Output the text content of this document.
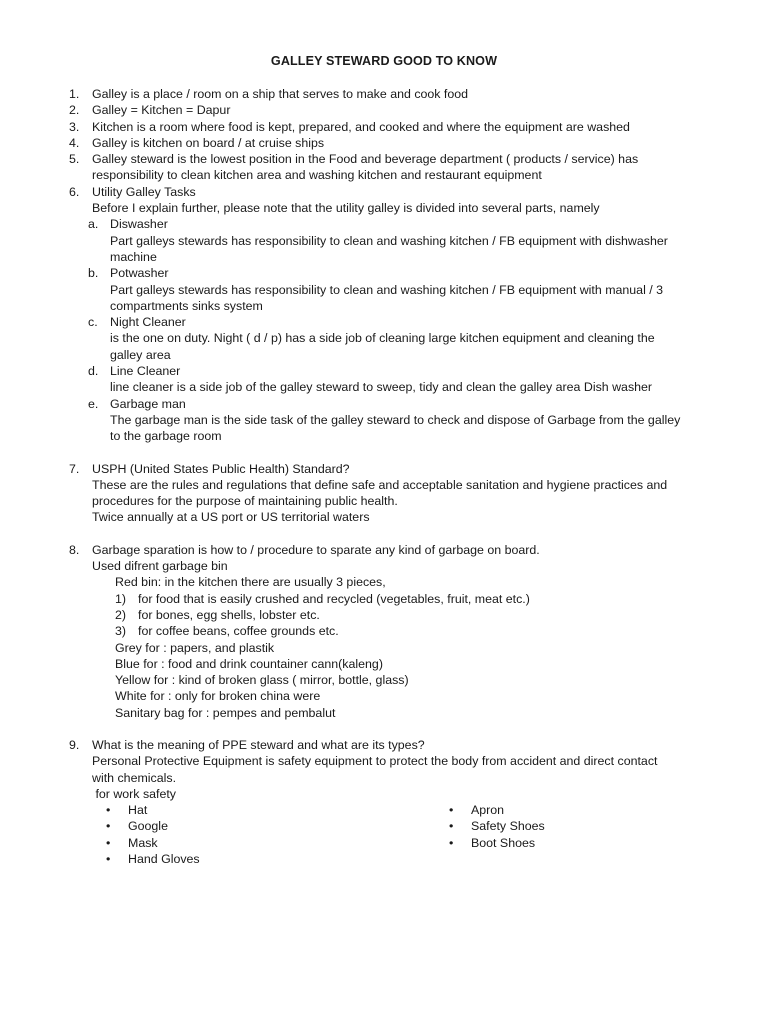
GALLEY STEWARD GOOD TO KNOW
1. Galley is a place / room on a ship that serves to make and cook food
2. Galley = Kitchen = Dapur
3. Kitchen is a room where food is kept, prepared, and cooked and where the equipment are washed
4. Galley is kitchen on board / at cruise ships
5. Galley steward is the lowest position in the Food and beverage department ( products / service) has
responsibility to clean kitchen area and washing kitchen and restaurant equipment
6. Utility Galley Tasks
Before I explain further, please note that the utility galley is divided into several parts, namely
a. Diswasher
Part galleys stewards has responsibility to clean and washing kitchen / FB equipment with dishwasher
machine
b. Potwasher
Part galleys stewards has responsibility to clean and washing kitchen / FB equipment with manual / 3
compartments sinks system
c. Night Cleaner
is the one on duty. Night ( d / p) has a side job of cleaning large kitchen equipment and cleaning the
galley area
d. Line Cleaner
line cleaner is a side job of the galley steward to sweep, tidy and clean the galley area Dish washer
e. Garbage man
The garbage man is the side task of the galley steward to check and dispose of Garbage from the galley
to the garbage room
7. USPH (United States Public Health) Standard?
These are the rules and regulations that define safe and acceptable sanitation and hygiene practices and
procedures for the purpose of maintaining public health.
Twice annually at a US port or US territorial waters
8. Garbage sparation is how to / procedure to sparate any kind of garbage on board.
Used difrent garbage bin
Red bin: in the kitchen there are usually 3 pieces,
1) for food that is easily crushed and recycled (vegetables, fruit, meat etc.)
2) for bones, egg shells, lobster etc.
3) for coffee beans, coffee grounds etc.
Grey for : papers, and plastik
Blue for : food and drink countainer cann(kaleng)
Yellow for : kind of broken glass ( mirror, bottle, glass)
White for : only for broken china were
Sanitary bag for : pempes and pembalut
9. What is the meaning of PPE steward and what are its types?
Personal Protective Equipment is safety equipment to protect the body from accident and direct contact
with chemicals.
for work safety
• Hat
• Google
• Mask
• Hand Gloves
• Apron
• Safety Shoes
• Boot Shoes
